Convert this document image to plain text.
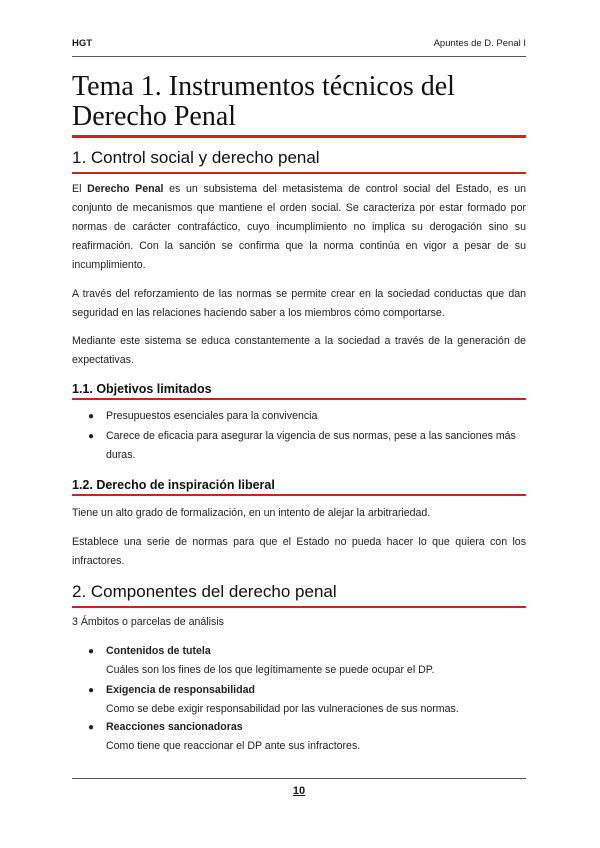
HGT	Apuntes de D. Penal I
Tema 1. Instrumentos técnicos del Derecho Penal
1. Control social y derecho penal
El Derecho Penal es un subsistema del metasistema de control social del Estado, es un conjunto de mecanismos que mantiene el orden social. Se caracteriza por estar formado por normas de carácter contrafáctico, cuyo incumplimiento no implica su derogación sino su reafirmación. Con la sanción se confirma que la norma continúa en vigor a pesar de su incumplimiento.
A través del reforzamiento de las normas se permite crear en la sociedad conductas que dan seguridad en las relaciones haciendo saber a los miembros cómo comportarse.
Mediante este sistema se educa constantemente a la sociedad a través de la generación de expectativas.
1.1. Objetivos limitados
● Presupuestos esenciales para la convivencia
● Carece de eficacia para asegurar la vigencia de sus normas, pese a las sanciones más duras.
1.2. Derecho de inspiración liberal
Tiene un alto grado de formalización, en un intento de alejar la arbitrariedad.
Establece una serie de normas para que el Estado no pueda hacer lo que quiera con los infractores.
2. Componentes del derecho penal
3 Ámbitos o parcelas de análisis
● Contenidos de tutela
Cuáles son los fines de los que legítimamente se puede ocupar el DP.
● Exigencia de responsabilidad
Como se debe exigir responsabilidad por las vulneraciones de sus normas.
● Reacciones sancionadoras
Como tiene que reaccionar el DP ante sus infractores.
10
